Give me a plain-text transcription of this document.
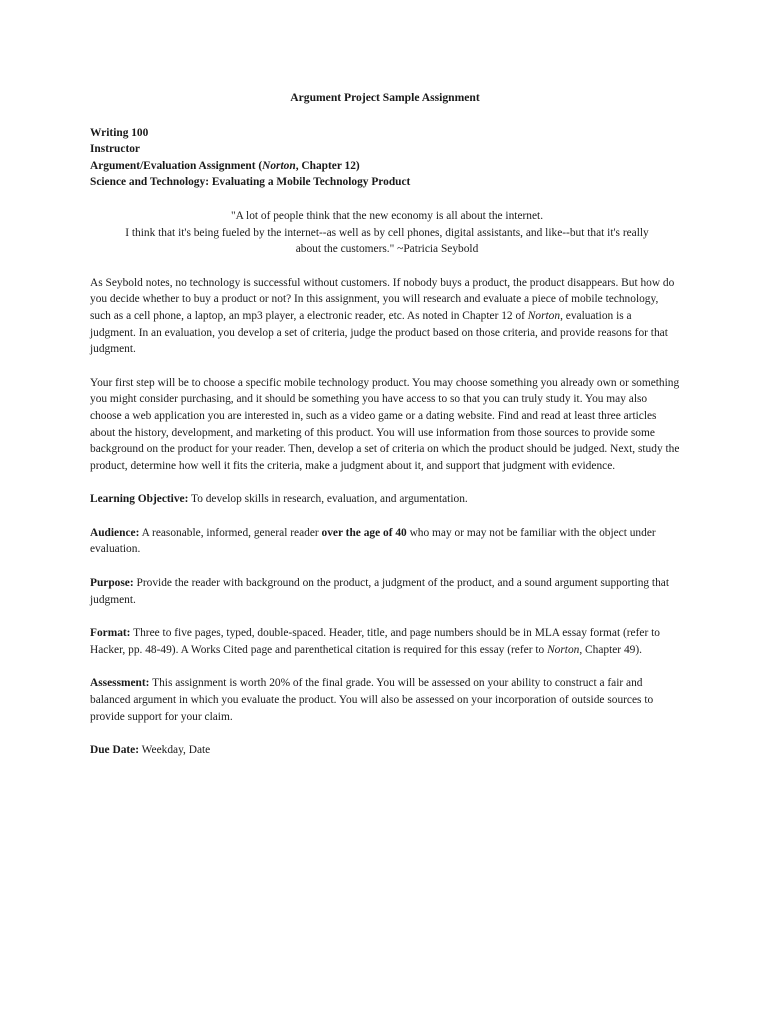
Argument Project Sample Assignment
Writing 100
Instructor
Argument/Evaluation Assignment (Norton, Chapter 12)
Science and Technology: Evaluating a Mobile Technology Product
"A lot of people think that the new economy is all about the internet.
I think that it's being fueled by the internet--as well as by cell phones, digital assistants, and like--but that it's really
about the customers." ~Patricia Seybold

As Seybold notes, no technology is successful without customers. If nobody buys a product, the product disappears. But how do you decide whether to buy a product or not? In this assignment, you will research and evaluate a piece of mobile technology, such as a cell phone, a laptop, an mp3 player, a electronic reader, etc. As noted in Chapter 12 of Norton, evaluation is a judgment. In an evaluation, you develop a set of criteria, judge the product based on those criteria, and provide reasons for that judgment.

Your first step will be to choose a specific mobile technology product. You may choose something you already own or something you might consider purchasing, and it should be something you have access to so that you can truly study it. You may also choose a web application you are interested in, such as a video game or a dating website. Find and read at least three articles about the history, development, and marketing of this product. You will use information from those sources to provide some background on the product for your reader. Then, develop a set of criteria on which the product should be judged. Next, study the product, determine how well it fits the criteria, make a judgment about it, and support that judgment with evidence.

Learning Objective: To develop skills in research, evaluation, and argumentation.

Audience: A reasonable, informed, general reader over the age of 40 who may or may not be familiar with the object under evaluation.

Purpose: Provide the reader with background on the product, a judgment of the product, and a sound argument supporting that judgment.

Format: Three to five pages, typed, double-spaced. Header, title, and page numbers should be in MLA essay format (refer to Hacker, pp. 48-49). A Works Cited page and parenthetical citation is required for this essay (refer to Norton, Chapter 49).

Assessment: This assignment is worth 20% of the final grade. You will be assessed on your ability to construct a fair and balanced argument in which you evaluate the product. You will also be assessed on your incorporation of outside sources to provide support for your claim.

Due Date: Weekday, Date
